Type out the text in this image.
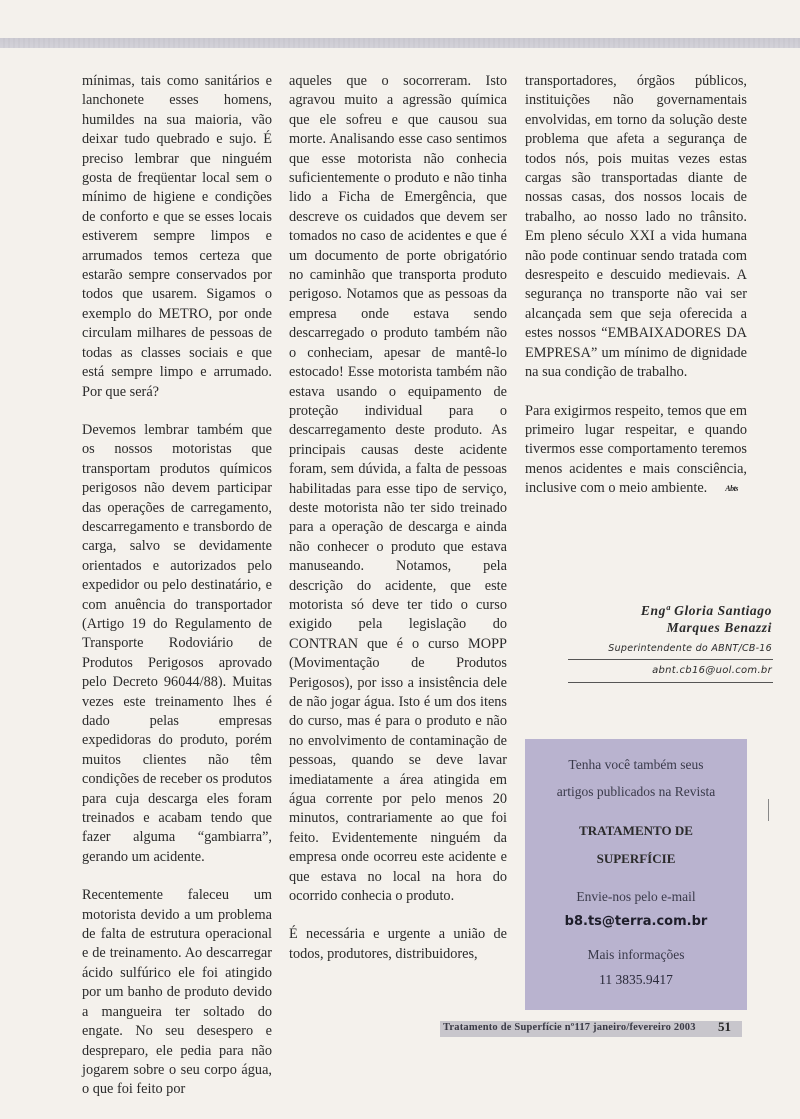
mínimas, tais como sanitários e lanchonete esses homens, humildes na sua maioria, vão deixar tudo quebrado e sujo. É preciso lembrar que ninguém gosta de freqüentar local sem o mínimo de higiene e condições de conforto e que se esses locais estiverem sempre limpos e arrumados temos certeza que estarão sempre conservados por todos que usarem. Sigamos o exemplo do METRO, por onde circulam milhares de pessoas de todas as classes sociais e que está sempre limpo e arrumado. Por que será?

Devemos lembrar também que os nossos motoristas que transportam produtos químicos perigosos não devem participar das operações de carregamento, descarregamento e transbordo de carga, salvo se devidamente orientados e autorizados pelo expedidor ou pelo destinatário, e com anuência do transportador (Artigo 19 do Regulamento de Transporte Rodoviário de Produtos Perigosos aprovado pelo Decreto 96044/88). Muitas vezes este treinamento lhes é dado pelas empresas expedidoras do produto, porém muitos clientes não têm condições de receber os produtos para cuja descarga eles foram treinados e acabam tendo que fazer alguma “gambiarra”, gerando um acidente.

Recentemente faleceu um motorista devido a um problema de falta de estrutura operacional e de treinamento. Ao descarregar ácido sulfúrico ele foi atingido por um banho de produto devido a mangueira ter soltado do engate. No seu desespero e despreparo, ele pedia para não jogarem sobre o seu corpo água, o que foi feito por

aqueles que o socorreram. Isto agravou muito a agressão química que ele sofreu e que causou sua morte. Analisando esse caso sentimos que esse motorista não conhecia suficientemente o produto e não tinha lido a Ficha de Emergência, que descreve os cuidados que devem ser tomados no caso de acidentes e que é um documento de porte obrigatório no caminhão que transporta produto perigoso. Notamos que as pessoas da empresa onde estava sendo descarregado o produto também não o conheciam, apesar de mantê-lo estocado! Esse motorista também não estava usando o equipamento de proteção individual para o descarregamento deste produto. As principais causas deste acidente foram, sem dúvida, a falta de pessoas habilitadas para esse tipo de serviço, deste motorista não ter sido treinado para a operação de descarga e ainda não conhecer o produto que estava manuseando. Notamos, pela descrição do acidente, que este motorista só deve ter tido o curso exigido pela legislação do CONTRAN que é o curso MOPP (Movimentação de Produtos Perigosos), por isso a insistência dele de não jogar água. Isto é um dos itens do curso, mas é para o produto e não no envolvimento de contaminação de pessoas, quando se deve lavar imediatamente a área atingida em água corrente por pelo menos 20 minutos, contrariamente ao que foi feito. Evidentemente ninguém da empresa onde ocorreu este acidente e que estava no local na hora do ocorrido conhecia o produto.

É necessária e urgente a união de todos, produtores, distribuidores,

transportadores, órgãos públicos, instituições não governamentais envolvidas, em torno da solução deste problema que afeta a segurança de todos nós, pois muitas vezes estas cargas são transportadas diante de nossas casas, dos nossos locais de trabalho, ao nosso lado no trânsito. Em pleno século XXI a vida humana não pode continuar sendo tratada com desrespeito e descuido medievais. A segurança no transporte não vai ser alcançada sem que seja oferecida a estes nossos “EMBAIXADORES DA EMPRESA” um mínimo de dignidade na sua condição de trabalho.

Para exigirmos respeito, temos que em primeiro lugar respeitar, e quando tivermos esse comportamento teremos menos acidentes e mais consciência, inclusive com o meio ambiente. Abts

Engª Gloria Santiago
Marques Benazzi
Superintendente do ABNT/CB-16
abnt.cb16@uol.com.br
Tenha você também seus
artigos publicados na Revista
TRATAMENTO DE
SUPERFÍCIE
Envie-nos pelo e-mail
b8.ts@terra.com.br
Mais informações
11 3835.9417
Tratamento de Superfície nº117 janeiro/fevereiro 2003 51
